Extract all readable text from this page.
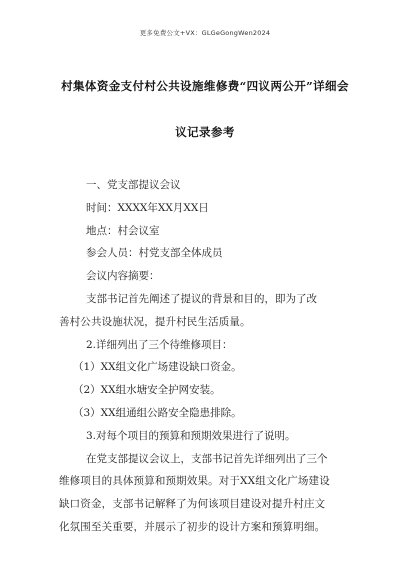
更多免费公文+VX：GLGeGongWen2024
村集体资金支付村公共设施维修费“四议两公开”详细会
议记录参考

一、党支部提议会议

时间：XXXX年XX月XX日

地点：村会议室

参会人员：村党支部全体成员

会议内容摘要：

支部书记首先阐述了提议的背景和目的，即为了改

善村公共设施状况，提升村民生活质量。

2.详细列出了三个待维修项目：

（1）XX组文化广场建设缺口资金。

（2）XX组水塘安全护网安装。

（3）XX组通组公路安全隐患排除。

3.对每个项目的预算和预期效果进行了说明。

在党支部提议会议上，支部书记首先详细列出了三个

维修项目的具体预算和预期效果。对于XX组文化广场建设

缺口资金，支部书记解释了为何该项目建设对提升村庄文

化氛围至关重要，并展示了初步的设计方案和预算明细。
